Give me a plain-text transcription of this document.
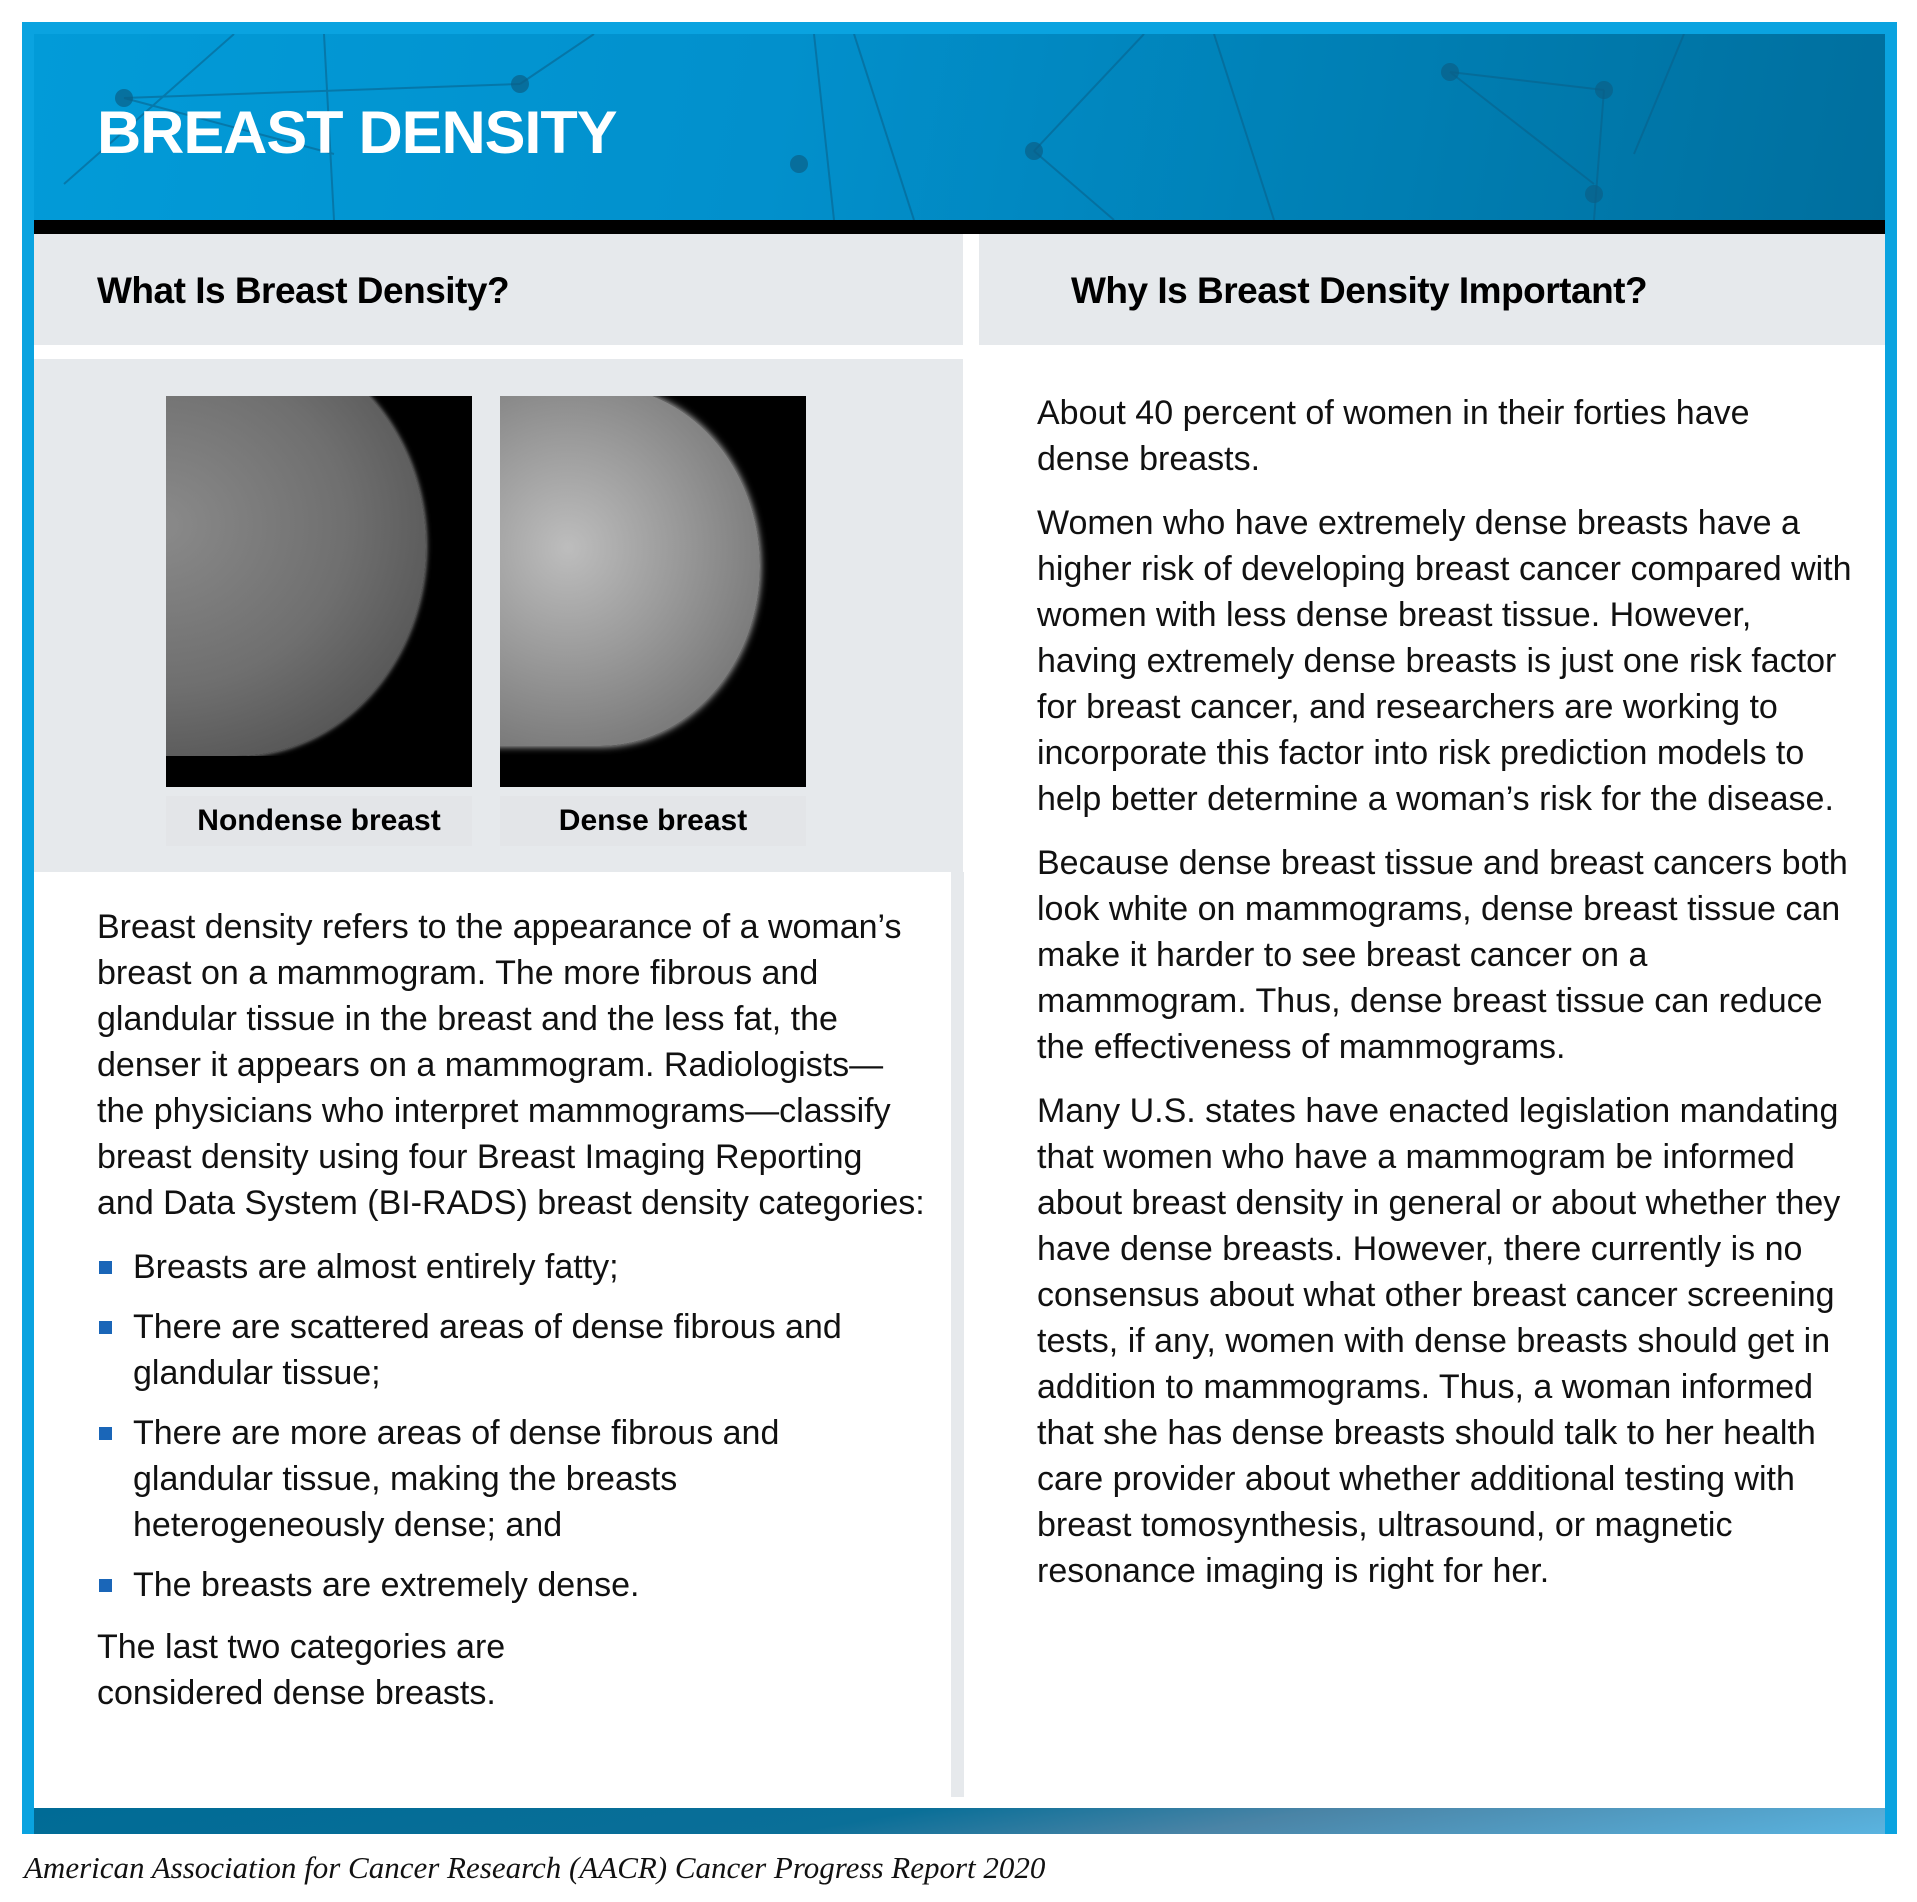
BREAST DENSITY
What Is Breast Density?	Why Is Breast Density Important?
Nondense breast	Dense breast

Breast density refers to the appearance of a woman’s breast on a mammogram. The more fibrous and glandular tissue in the breast and the less fat, the denser it appears on a mammogram. Radiologists—the physicians who interpret mammograms—classify breast density using four Breast Imaging Reporting and Data System (BI-RADS) breast density categories:

Breasts are almost entirely fatty;
There are scattered areas of dense fibrous and glandular tissue;
There are more areas of dense fibrous and glandular tissue, making the breasts heterogeneously dense; and
The breasts are extremely dense.

The last two categories are considered dense breasts.

About 40 percent of women in their forties have dense breasts.

Women who have extremely dense breasts have a higher risk of developing breast cancer compared with women with less dense breast tissue. However, having extremely dense breasts is just one risk factor for breast cancer, and researchers are working to incorporate this factor into risk prediction models to help better determine a woman’s risk for the disease.

Because dense breast tissue and breast cancers both look white on mammograms, dense breast tissue can make it harder to see breast cancer on a mammogram. Thus, dense breast tissue can reduce the effectiveness of mammograms.

Many U.S. states have enacted legislation mandating that women who have a mammogram be informed about breast density in general or about whether they have dense breasts. However, there currently is no consensus about what other breast cancer screening tests, if any, women with dense breasts should get in addition to mammograms. Thus, a woman informed that she has dense breasts should talk to her health care provider about whether additional testing with breast tomosynthesis, ultrasound, or magnetic resonance imaging is right for her.

American Association for Cancer Research (AACR) Cancer Progress Report 2020
